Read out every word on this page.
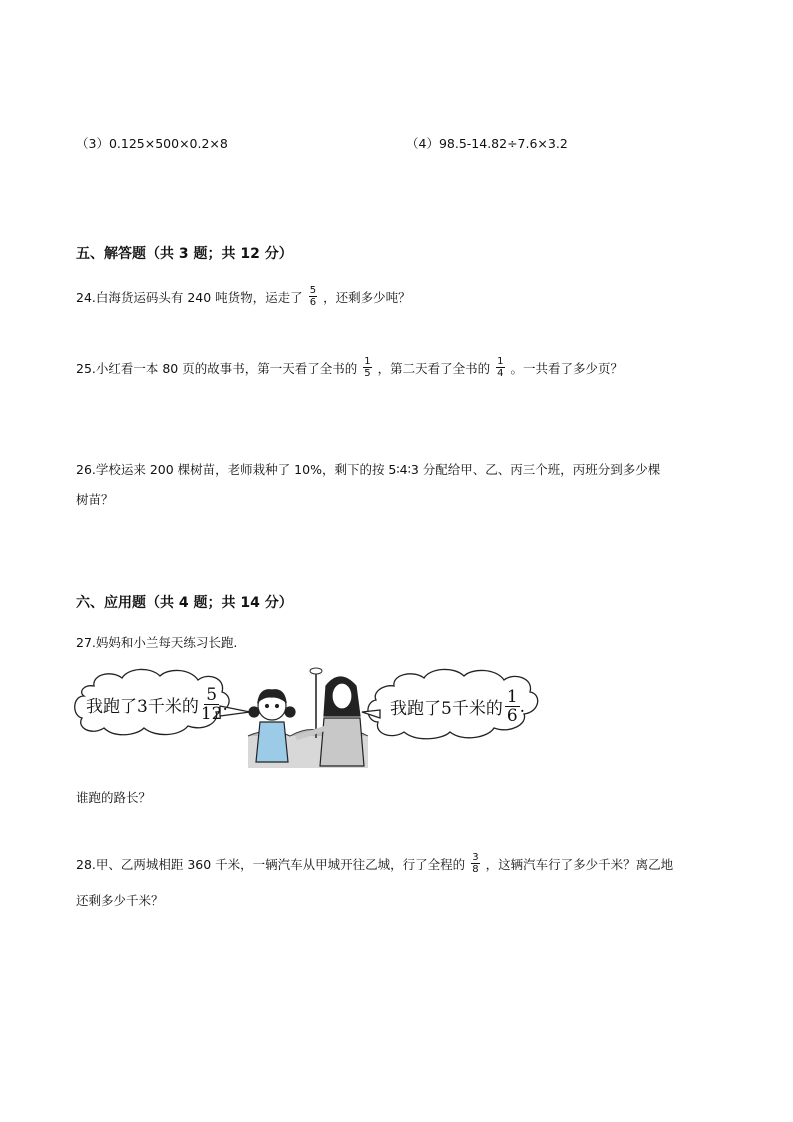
（3）0.125×500×0.2×8	（4）98.5-14.82÷7.6×3.2
五、解答题（共 3 题；共 12 分）
24.白海货运码头有 240 吨货物，运走了 $\frac{5}{6}$ ，还剩多少吨？
25.小红看一本 80 页的故事书，第一天看了全书的 $\frac{1}{5}$ ，第二天看了全书的 $\frac{1}{4}$ 。一共看了多少页？
26.学校运来 200 棵树苗，老师栽种了 10%，剩下的按 5∶4∶3 分配给甲、乙、丙三个班，丙班分到多少棵
树苗？
六、应用题（共 4 题；共 14 分）
27.妈妈和小兰每天练习长跑.
我跑了3千米的 $\frac{5}{12}$ .	我跑了5千米的 $\frac{1}{6}$ .
谁跑的路长？
28.甲、乙两城相距 360 千米，一辆汽车从甲城开往乙城，行了全程的 $\frac{3}{8}$ ，这辆汽车行了多少千米？离乙地
还剩多少千米？
